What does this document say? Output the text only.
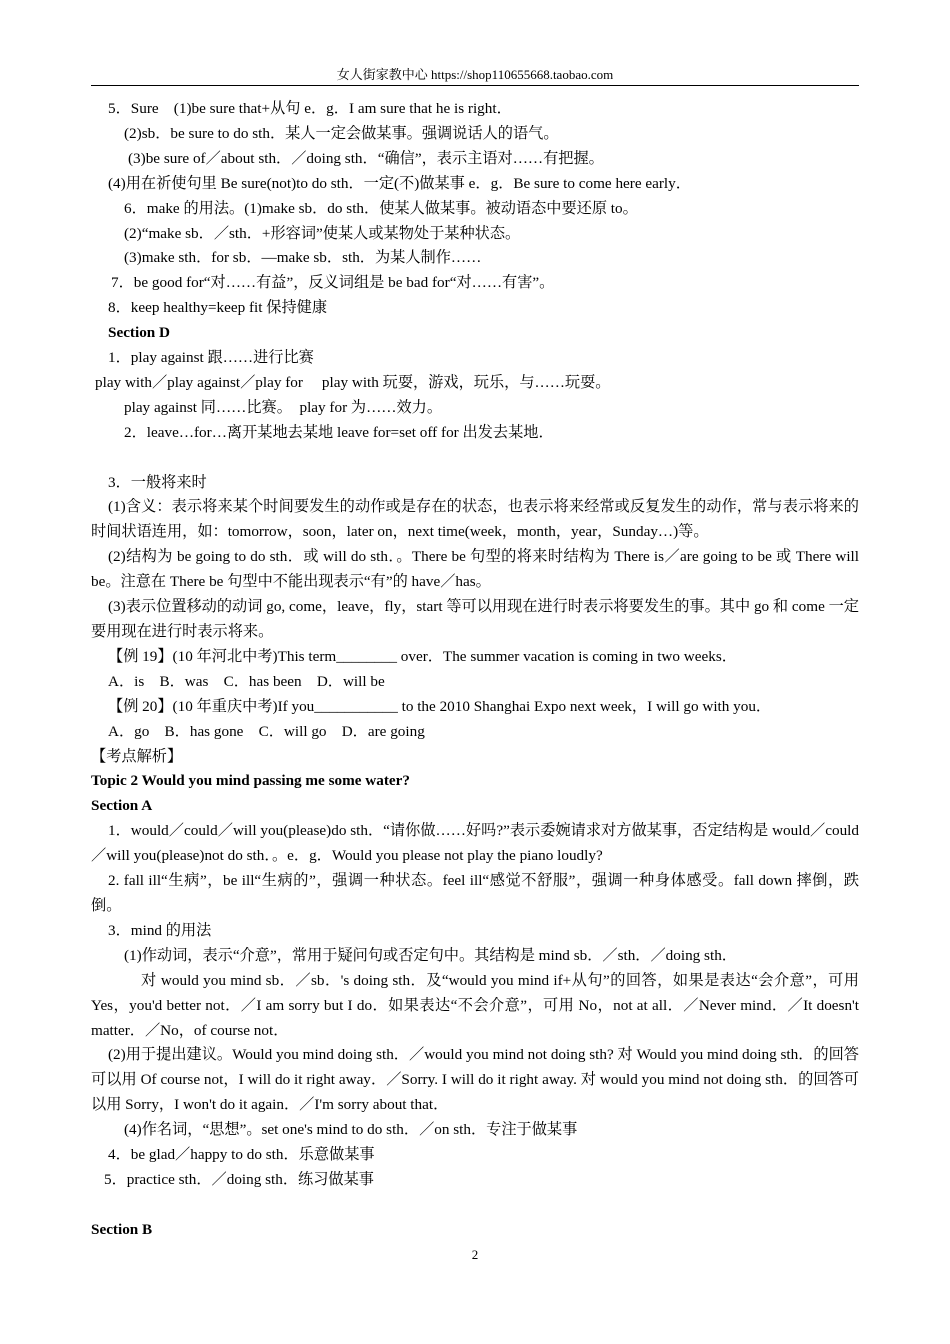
女人街家教中心 https://shop110655668.taobao.com

5．Sure　(1)be sure that+从句 e．g．I am sure that he is right．

(2)sb．be sure to do sth．某人一定会做某事。强调说话人的语气。

(3)be sure of／about sth．／doing sth．“确信”，表示主语对……有把握。

(4)用在祈使句里 Be sure(not)to do sth．一定(不)做某事 e．g．Be sure to come here early．

6．make 的用法。(1)make sb．do sth．使某人做某事。被动语态中要还原 to。

(2)“make sb．／sth．+形容词”使某人或某物处于某种状态。

(3)make sth．for sb．—make sb．sth．为某人制作……

7．be good for“对……有益”，反义词组是 be bad for“对……有害”。

8．keep healthy=keep fit 保持健康

Section D

1．play against 跟……进行比赛

play with／play against／play for　 play with 玩耍，游戏，玩乐，与……玩耍。

play against 同……比赛。　play for 为……效力。

2．leave…for…离开某地去某地 leave for=set off for 出发去某地．

3．一般将来时

(1)含义：表示将来某个时间要发生的动作或是存在的状态，也表示将来经常或反复发生的动作，常与表示将来的时间状语连用，如：tomorrow，soon，later on，next time(week，month，year，Sunday…)等。

(2)结构为 be going to do sth．或 will do sth．。There be 句型的将来时结构为 There is／are going to be 或 There will be。注意在 There be 句型中不能出现表示“有”的 have／has。

(3)表示位置移动的动词 go, come，leave，fly，start 等可以用现在进行时表示将要发生的事。其中 go 和 come 一定要用现在进行时表示将来。

【例 19】(10 年河北中考)This term________ over．The summer vacation is coming in two weeks．

A．is　B．was　C．has been　D．will be

【例 20】(10 年重庆中考)If you___________ to the 2010 Shanghai Expo next week，I will go with you．

A．go　B．has gone　C．will go　D．are going

【考点解析】

Topic 2 Would you mind passing me some water?

Section A

1．would／could／will you(please)do sth．“请你做……好吗?”表示委婉请求对方做某事，否定结构是 would／could／will you(please)not do sth．。e．g．Would you please not play the piano loudly?

2. fall ill“生病”，be ill“生病的”，强调一种状态。feel ill“感觉不舒服”，强调一种身体感受。fall down 摔倒，跌倒。

3．mind 的用法

(1)作动词，表示“介意”，常用于疑问句或否定句中。其结构是 mind sb．／sth．／doing sth．

对 would you mind sb．／sb．'s doing sth．及“would you mind if+从句”的回答，如果是表达“会介意”，可用 Yes，you'd better not．／I am sorry but I do．如果表达“不会介意”，可用 No，not at all．／Never mind．／It doesn't matter．／No，of course not．

(2)用于提出建议。Would you mind doing sth．／would you mind not doing sth? 对 Would you mind doing sth．的回答可以用 Of course not，I will do it right away．／Sorry. I will do it right away. 对 would you mind not doing sth．的回答可以用 Sorry，I won't do it again．／I'm sorry about that．

(4)作名词，“思想”。set one's mind to do sth．／on sth．专注于做某事

4．be glad／happy to do sth．乐意做某事

5．practice sth．／doing sth．练习做某事

Section B

2
